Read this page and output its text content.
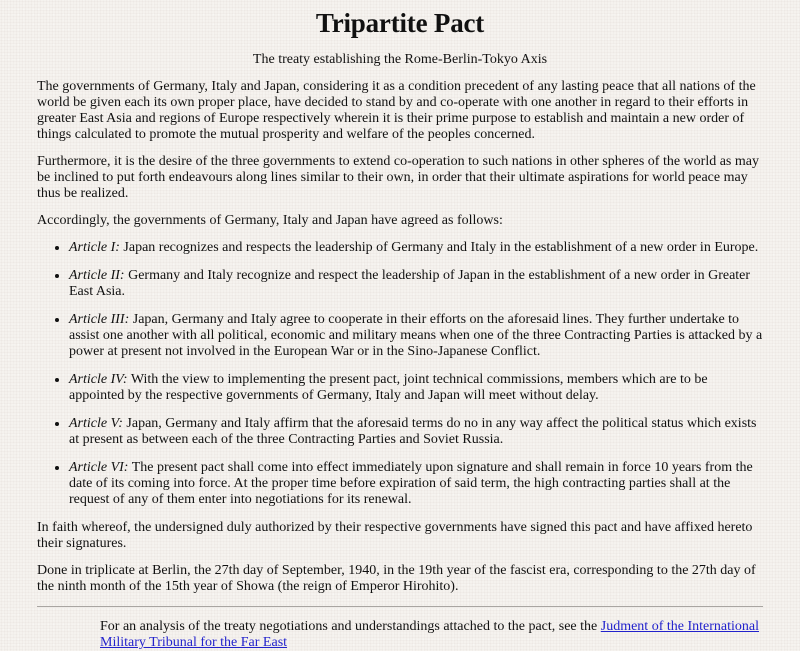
Tripartite Pact
The treaty establishing the Rome-Berlin-Tokyo Axis

The governments of Germany, Italy and Japan, considering it as a condition precedent of any lasting peace that all nations of the world be given each its own proper place, have decided to stand by and co-operate with one another in regard to their efforts in greater East Asia and regions of Europe respectively wherein it is their prime purpose to establish and maintain a new order of things calculated to promote the mutual prosperity and welfare of the peoples concerned.

Furthermore, it is the desire of the three governments to extend co-operation to such nations in other spheres of the world as may be inclined to put forth endeavours along lines similar to their own, in order that their ultimate aspirations for world peace may thus be realized.

Accordingly, the governments of Germany, Italy and Japan have agreed as follows:

Article I: Japan recognizes and respects the leadership of Germany and Italy in the establishment of a new order in Europe.
Article II: Germany and Italy recognize and respect the leadership of Japan in the establishment of a new order in Greater East Asia.
Article III: Japan, Germany and Italy agree to cooperate in their efforts on the aforesaid lines. They further undertake to assist one another with all political, economic and military means when one of the three Contracting Parties is attacked by a power at present not involved in the European War or in the Sino-Japanese Conflict.
Article IV: With the view to implementing the present pact, joint technical commissions, members which are to be appointed by the respective governments of Germany, Italy and Japan will meet without delay.
Article V: Japan, Germany and Italy affirm that the aforesaid terms do no in any way affect the political status which exists at present as between each of the three Contracting Parties and Soviet Russia.
Article VI: The present pact shall come into effect immediately upon signature and shall remain in force 10 years from the date of its coming into force. At the proper time before expiration of said term, the high contracting parties shall at the request of any of them enter into negotiations for its renewal.

In faith whereof, the undersigned duly authorized by their respective governments have signed this pact and have affixed hereto their signatures.

Done in triplicate at Berlin, the 27th day of September, 1940, in the 19th year of the fascist era, corresponding to the 27th day of the ninth month of the 15th year of Showa (the reign of Emperor Hirohito).

For an analysis of the treaty negotiations and understandings attached to the pact, see the Judment of the International Military Tribunal for the Far East
